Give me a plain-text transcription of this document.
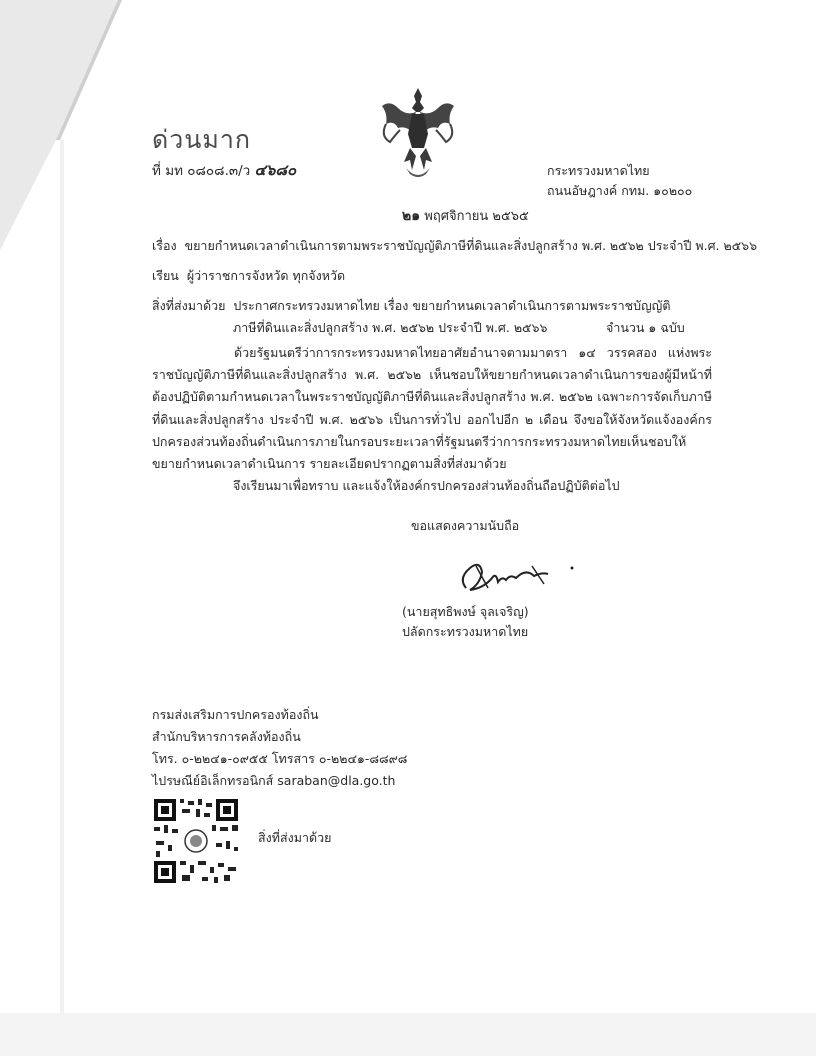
ด่วนมาก
ที่ มท ๐๘๐๘.๓/ว ๔๖๘๐	กระทรวงมหาดไทย
ถนนอัษฎางค์ กทม. ๑๐๒๐๐
๒๑ พฤศจิกายน ๒๕๖๕
เรื่อง ขยายกำหนดเวลาดำเนินการตามพระราชบัญญัติภาษีที่ดินและสิ่งปลูกสร้าง พ.ศ. ๒๕๖๒ ประจำปี พ.ศ. ๒๕๖๖
เรียน ผู้ว่าราชการจังหวัด ทุกจังหวัด
สิ่งที่ส่งมาด้วย ประกาศกระทรวงมหาดไทย เรื่อง ขยายกำหนดเวลาดำเนินการตามพระราชบัญญัติ
ภาษีที่ดินและสิ่งปลูกสร้าง พ.ศ. ๒๕๖๒ ประจำปี พ.ศ. ๒๕๖๖	จำนวน ๑ ฉบับ
ด้วยรัฐมนตรีว่าการกระทรวงมหาดไทยอาศัยอำนาจตามมาตรา ๑๔ วรรคสอง แห่งพระราชบัญญัติภาษีที่ดินและสิ่งปลูกสร้าง พ.ศ. ๒๕๖๒ เห็นชอบให้ขยายกำหนดเวลาดำเนินการของผู้มีหน้าที่ต้องปฏิบัติตามกำหนดเวลาในพระราชบัญญัติภาษีที่ดินและสิ่งปลูกสร้าง พ.ศ. ๒๕๖๒ เฉพาะการจัดเก็บภาษีที่ดินและสิ่งปลูกสร้าง ประจำปี พ.ศ. ๒๕๖๖ เป็นการทั่วไป ออกไปอีก ๒ เดือน จึงขอให้จังหวัดแจ้งองค์กรปกครองส่วนท้องถิ่นดำเนินการภายในกรอบระยะเวลาที่รัฐมนตรีว่าการกระทรวงมหาดไทยเห็นชอบให้ขยายกำหนดเวลาดำเนินการ รายละเอียดปรากฏตามสิ่งที่ส่งมาด้วย
จึงเรียนมาเพื่อทราบ และแจ้งให้องค์กรปกครองส่วนท้องถิ่นถือปฏิบัติต่อไป
ขอแสดงความนับถือ
(นายสุทธิพงษ์ จุลเจริญ)
ปลัดกระทรวงมหาดไทย
กรมส่งเสริมการปกครองท้องถิ่น
สำนักบริหารการคลังท้องถิ่น
โทร. ๐-๒๒๔๑-๐๙๕๕ โทรสาร ๐-๒๒๔๑-๘๘๙๘
ไปรษณีย์อิเล็กทรอนิกส์ saraban@dla.go.th
สิ่งที่ส่งมาด้วย
